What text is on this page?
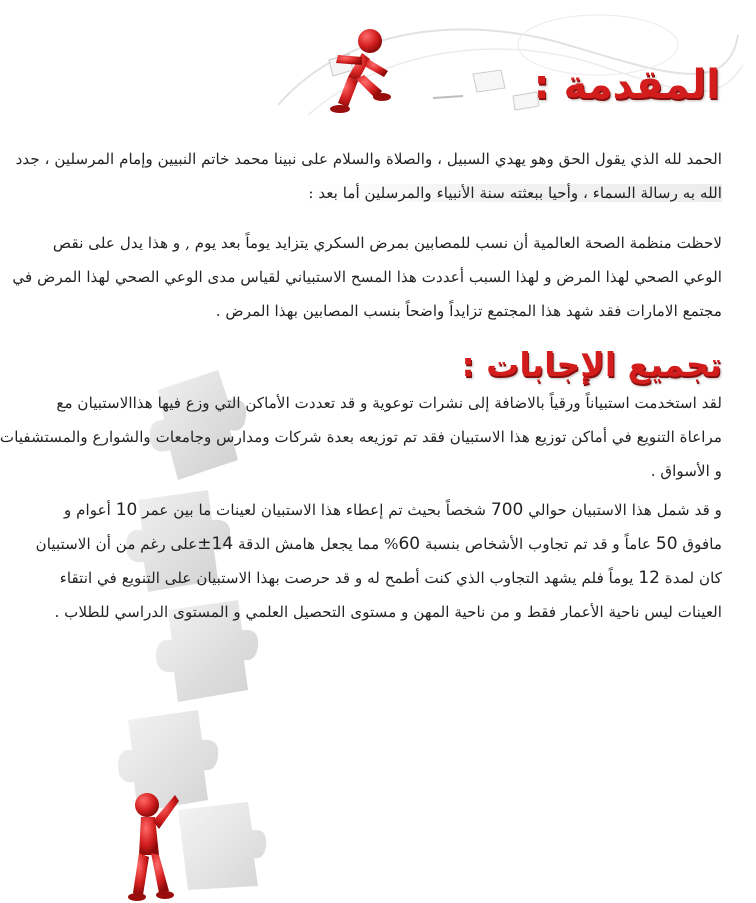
المقدمة :
الحمد لله الذي يقول الحق وهو يهدي السبيل ، والصلاة والسلام على نبينا محمد خاتم النبيين وإمام المرسلين ، جدد
الله به رسالة السماء ، وأحيا ببعثته سنة الأنبياء والمرسلين أما بعد :
لاحظت منظمة الصحة العالمية أن نسب للمصابين بمرض السكري يتزايد يوماً بعد يوم , و هذا يدل على نقص
الوعي الصحي لهذا المرض و لهذا السبب أعددت هذا المسح الاستبياني لقياس مدى الوعي الصحي لهذا المرض في
مجتمع الامارات فقد شهد هذا المجتمع تزايداً واضحاً بنسب المصابين بهذا المرض .
تجميع الإجابات :
لقد استخدمت استبياناً ورقياً بالاضافة إلى نشرات توعوية و قد تعددت الأماكن التي وزع فيها هذاالاستبيان مع
مراعاة التنويع في أماكن توزيع هذا الاستبيان فقد تم توزيعه بعدة شركات ومدارس وجامعات والشوارع والمستشفيات
و الأسواق .
و قد شمل هذا الاستبيان حوالي 700 شخصاً بحيث تم إعطاء هذا الاستبيان لعينات ما بين عمر 10 أعوام و
مافوق 50 عاماً و قد تم تجاوب الأشخاص بنسبة 60% مما يجعل هامش الدقة 14±على رغم من أن الاستبيان
كان لمدة 12 يوماً فلم يشهد التجاوب الذي كنت أطمح له و قد حرصت بهذا الاستبيان على التنويع في انتقاء
العينات ليس ناحية الأعمار فقط و من ناحية المهن و مستوى التحصيل العلمي و المستوى الدراسي للطلاب .
